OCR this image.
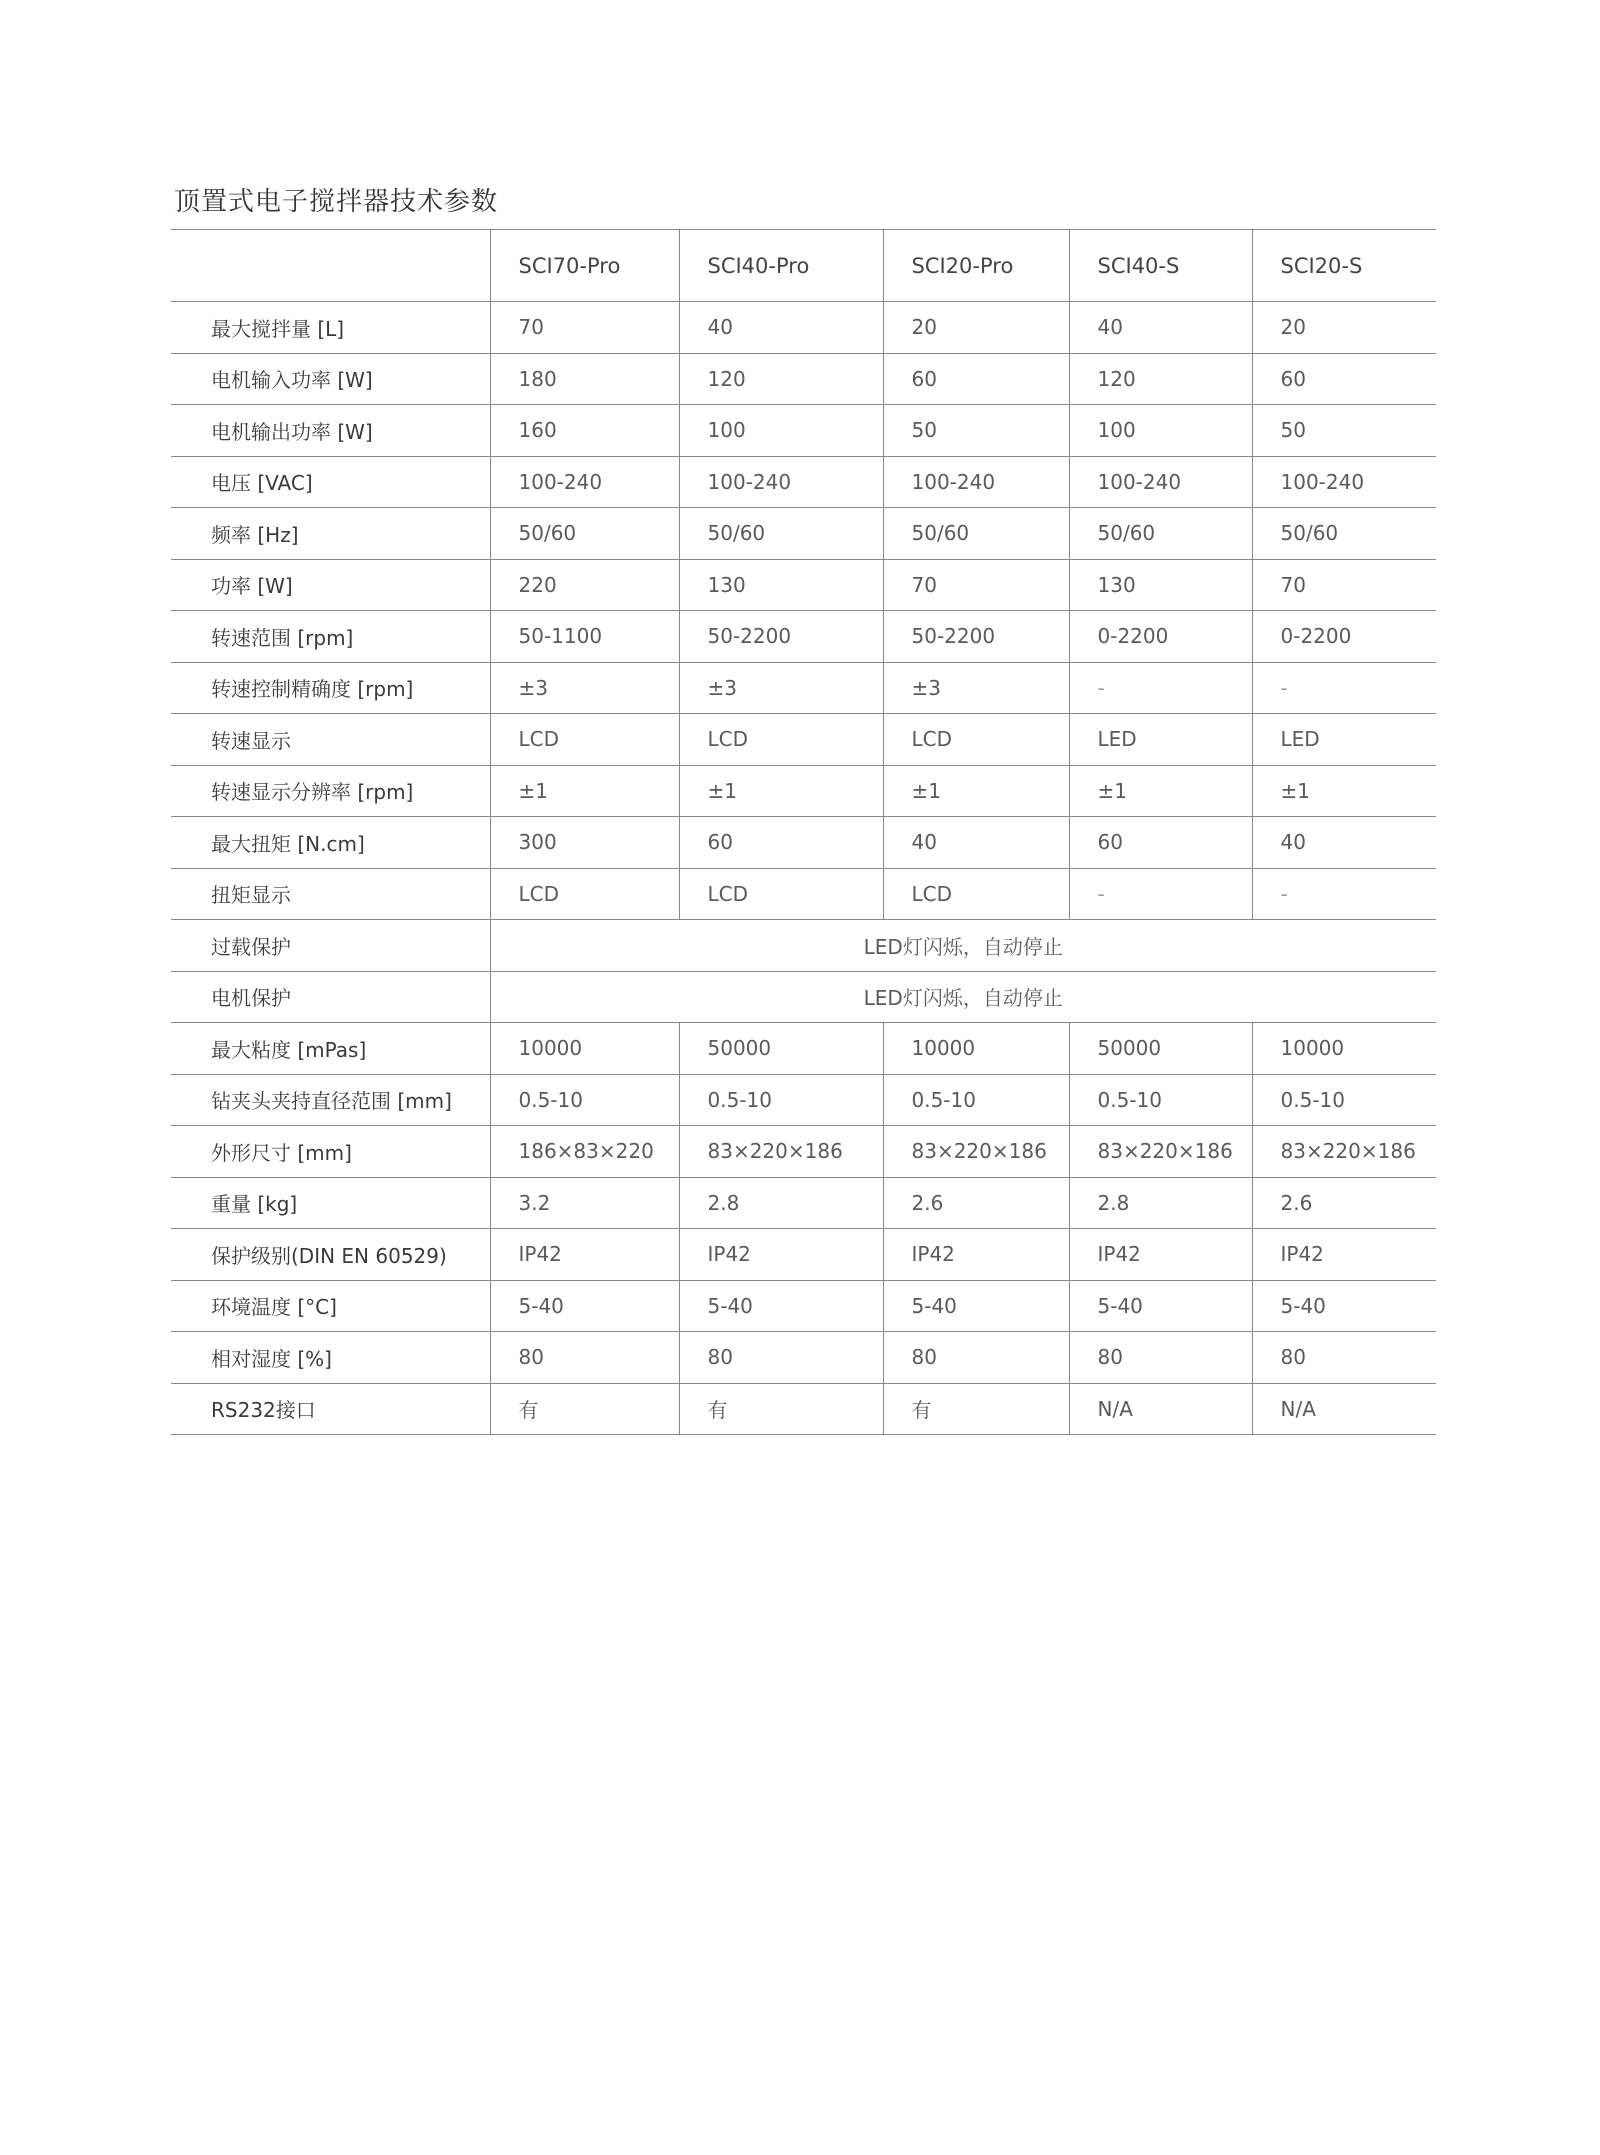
顶置式电子搅拌器技术参数
	SCI70-Pro	SCI40-Pro	SCI20-Pro	SCI40-S	SCI20-S
最大搅拌量 [L]	70	40	20	40	20
电机输入功率 [W]	180	120	60	120	60
电机输出功率 [W]	160	100	50	100	50
电压 [VAC]	100-240	100-240	100-240	100-240	100-240
频率 [Hz]	50/60	50/60	50/60	50/60	50/60
功率 [W]	220	130	70	130	70
转速范围 [rpm]	50-1100	50-2200	50-2200	0-2200	0-2200
转速控制精确度 [rpm]	±3	±3	±3	-	-
转速显示	LCD	LCD	LCD	LED	LED
转速显示分辨率 [rpm]	±1	±1	±1	±1	±1
最大扭矩 [N.cm]	300	60	40	60	40
扭矩显示	LCD	LCD	LCD	-	-
过载保护	LED灯闪烁，自动停止				
电机保护	LED灯闪烁，自动停止				
最大粘度 [mPas]	10000	50000	10000	50000	10000
钻夹头夹持直径范围 [mm]	0.5-10	0.5-10	0.5-10	0.5-10	0.5-10
外形尺寸 [mm]	186×83×220	83×220×186	83×220×186	83×220×186	83×220×186
重量 [kg]	3.2	2.8	2.6	2.8	2.6
保护级别(DIN EN 60529)	IP42	IP42	IP42	IP42	IP42
环境温度 [°C]	5-40	5-40	5-40	5-40	5-40
相对湿度 [%]	80	80	80	80	80
RS232接口	有	有	有	N/A	N/A
